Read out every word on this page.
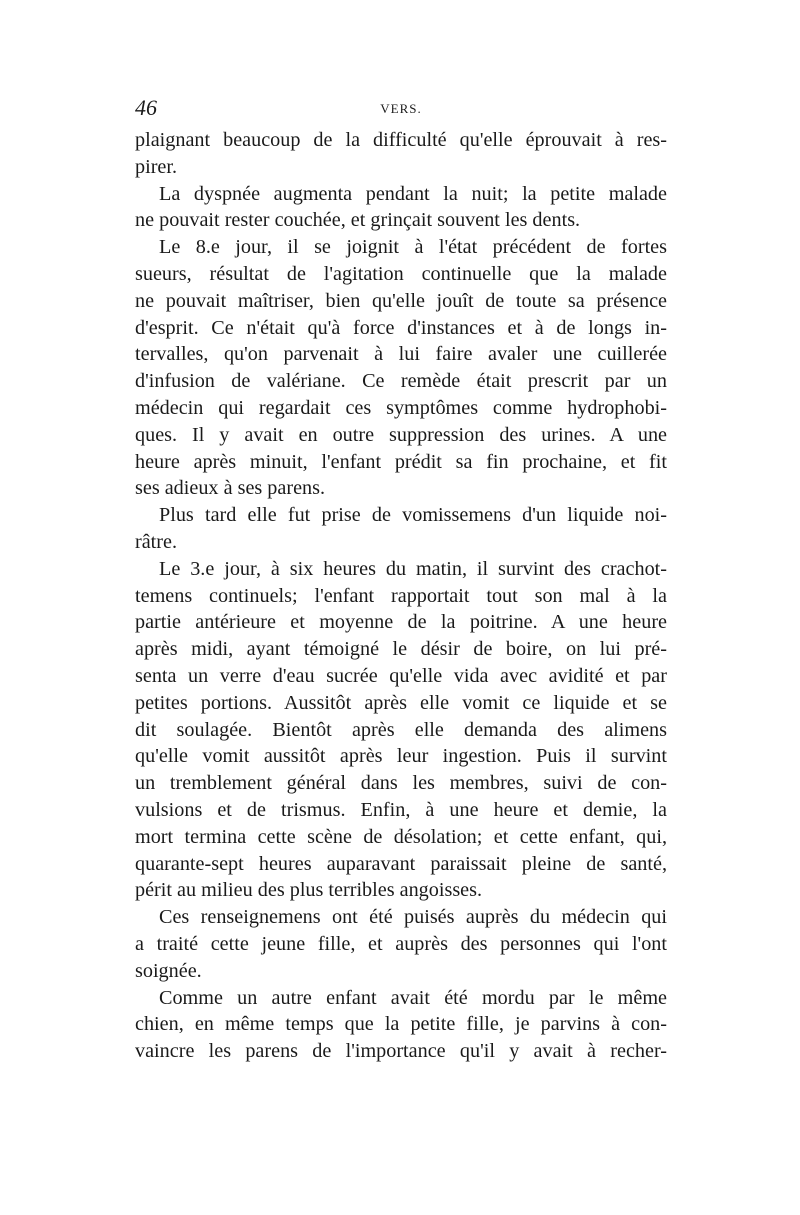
46	VERS.
plaignant beaucoup de la difficulté qu'elle éprouvait à res-
pirer.
La dyspnée augmenta pendant la nuit; la petite malade
ne pouvait rester couchée, et grinçait souvent les dents.
Le 8.e jour, il se joignit à l'état précédent de fortes
sueurs, résultat de l'agitation continuelle que la malade
ne pouvait maîtriser, bien qu'elle jouît de toute sa présence
d'esprit. Ce n'était qu'à force d'instances et à de longs in-
tervalles, qu'on parvenait à lui faire avaler une cuillerée
d'infusion de valériane. Ce remède était prescrit par un
médecin qui regardait ces symptômes comme hydrophobi-
ques. Il y avait en outre suppression des urines. A une
heure après minuit, l'enfant prédit sa fin prochaine, et fit
ses adieux à ses parens.
Plus tard elle fut prise de vomissemens d'un liquide noi-
râtre.
Le 3.e jour, à six heures du matin, il survint des crachot-
temens continuels; l'enfant rapportait tout son mal à la
partie antérieure et moyenne de la poitrine. A une heure
après midi, ayant témoigné le désir de boire, on lui pré-
senta un verre d'eau sucrée qu'elle vida avec avidité et par
petites portions. Aussitôt après elle vomit ce liquide et se
dit soulagée. Bientôt après elle demanda des alimens
qu'elle vomit aussitôt après leur ingestion. Puis il survint
un tremblement général dans les membres, suivi de con-
vulsions et de trismus. Enfin, à une heure et demie, la
mort termina cette scène de désolation; et cette enfant, qui,
quarante-sept heures auparavant paraissait pleine de santé,
périt au milieu des plus terribles angoisses.
Ces renseignemens ont été puisés auprès du médecin qui
a traité cette jeune fille, et auprès des personnes qui l'ont
soignée.
Comme un autre enfant avait été mordu par le même
chien, en même temps que la petite fille, je parvins à con-
vaincre les parens de l'importance qu'il y avait à recher-
